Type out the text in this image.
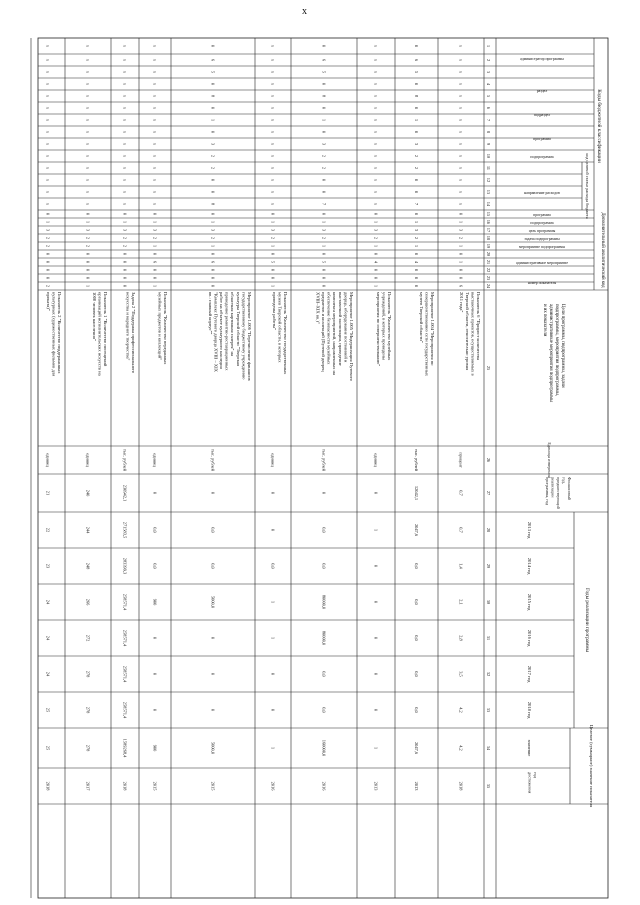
x
Коды бюджетной классификации
Дополнительный аналитический код
код целевой статьи расхода бюджета
Годы реализации программы
Целевое (суммарное) значение показателя
администратор программы
раздел
подраздел
программа
подпрограмма
направление расходов
программа
подпрограмма
цель программы
задача подпрограммы
мероприятие подпрограммы
административное мероприятие
номер показателя
Цели программы, подпрограммы, задачиподпрограммы, мероприятия подпрограммы,административные мероприятия подпрограммыи их показатели
Единица измерения
Финансовыйгод,предшествующийреализациипрограммы, год
2013 год
2014 год
2015 год
2016 год
2017 год
2018 год
значение
годдостижения
1
2
3
4
5
6
7
8
9
10
11
12
13
14
15
16
17
18
19
20
21
22
23
24
25
26
27
28
29
30
31
32
33
34
35
x
x
x
x
x
x
x
x
x
x
x
x
x
x
0
1
3
2
1
0
1
0
0
6
Показатель 6 "Прирост количествавыставочных проектов, осуществляемых вТверской области, относительно уровня2011 года"
процент
0,7
0,7
1,4
2,1
2,8
3,5
4,2
4,2
2018
0
6
5
0
8
0
1
0
3
2
2
0
0
7
0
1
3
2
1
0
4
0
0
0
Мероприятие 1.004 "Мероприятия посовершенствованию сети государственныхмузеев Тверской области"
тыс. рублей
12042,1
2047,6
0,0
0,0
0,0
0,0
0,0
2047,6
2013
x
x
x
x
x
x
x
x
x
x
x
x
x
x
0
1
3
2
1
0
4
0
0
1
Показатель "Количество музейныхучреждений, в которых проведенымероприятия по совершенствованию"
единиц
0
1
0
0
0
0
0
1
2013
0
6
5
0
8
0
1
0
3
2
2
0
0
7
0
1
3
2
1
0
5
0
0
0
Мероприятие 1.005 "Модернизация Путевогодворца, оборудование постоянной ивыставочной экспозиции, проведениекомплекса мероприятий, направленных наобеспечение безопасности музейныхпредметов и коллекций (Путевой дворецXVIII–XIX вв.)"
тыс. рублей
0
0,0
0,0
80000,0
80000,0
0,0
0,0
160000,0
2016
x
x
x
x
x
x
x
x
x
x
x
x
x
x
0
1
3
2
1
0
5
0
0
1
Показатель "Количество государственныхмузеев Тверской области, в которыхпроведены работы"
единиц
0
0
0,0
1
1
0
0
1
2016
0
6
5
0
8
0
1
0
3
2
2
0
0
8
0
1
3
2
1
0
6
0
0
0
Мероприятие 1.006 "Перечисление финансовгосударственному бюджетному учреждениюкультуры Тверской области "Тверскаяобластная картинная галерея" напроведение ремонтно-реставрационныхработ на объекте культурного наследия"Комплекс Путевого дворца XVIII – XIXвв.: главный корпус""
тыс. рублей
0
0,0
0,0
5000,0
0
0
0
5000,0
2015
x
x
x
x
x
x
x
x
x
x
x
x
x
x
0
1
3
2
1
0
6
0
0
1
Показатель "Количество переданныхмузейных предметов и коллекций"
единиц
0
0,0
0,0
900
0
0
0
900
2015
x
x
x
x
x
x
x
x
x
x
x
x
x
x
0
1
3
2
2
0
0
0
0
0
Задача 2 "Поддержка профессиональногоискусства и народного творчества"
тыс. рублей
230942,1
271583,5
283399,3
258571,4
258571,4
258571,4
258571,4
1589268,4
2018
x
x
x
x
x
x
x
x
x
x
x
x
x
x
0
1
3
2
2
0
0
0
0
1
Показатель 1 "Количество посещенийорганизаций исполнительских искусств на1000 человек населения"
единиц
240
244
248
266
272
278
278
278
2017
x
x
x
x
x
x
x
x
x
x
x
x
x
x
0
1
3
2
2
0
0
0
0
2
Показатель 2 "Количество поддержанныхкультурных (художественных фильмов дляпроката)"
единиц
21
22
23
24
24
24
25
25
2018
